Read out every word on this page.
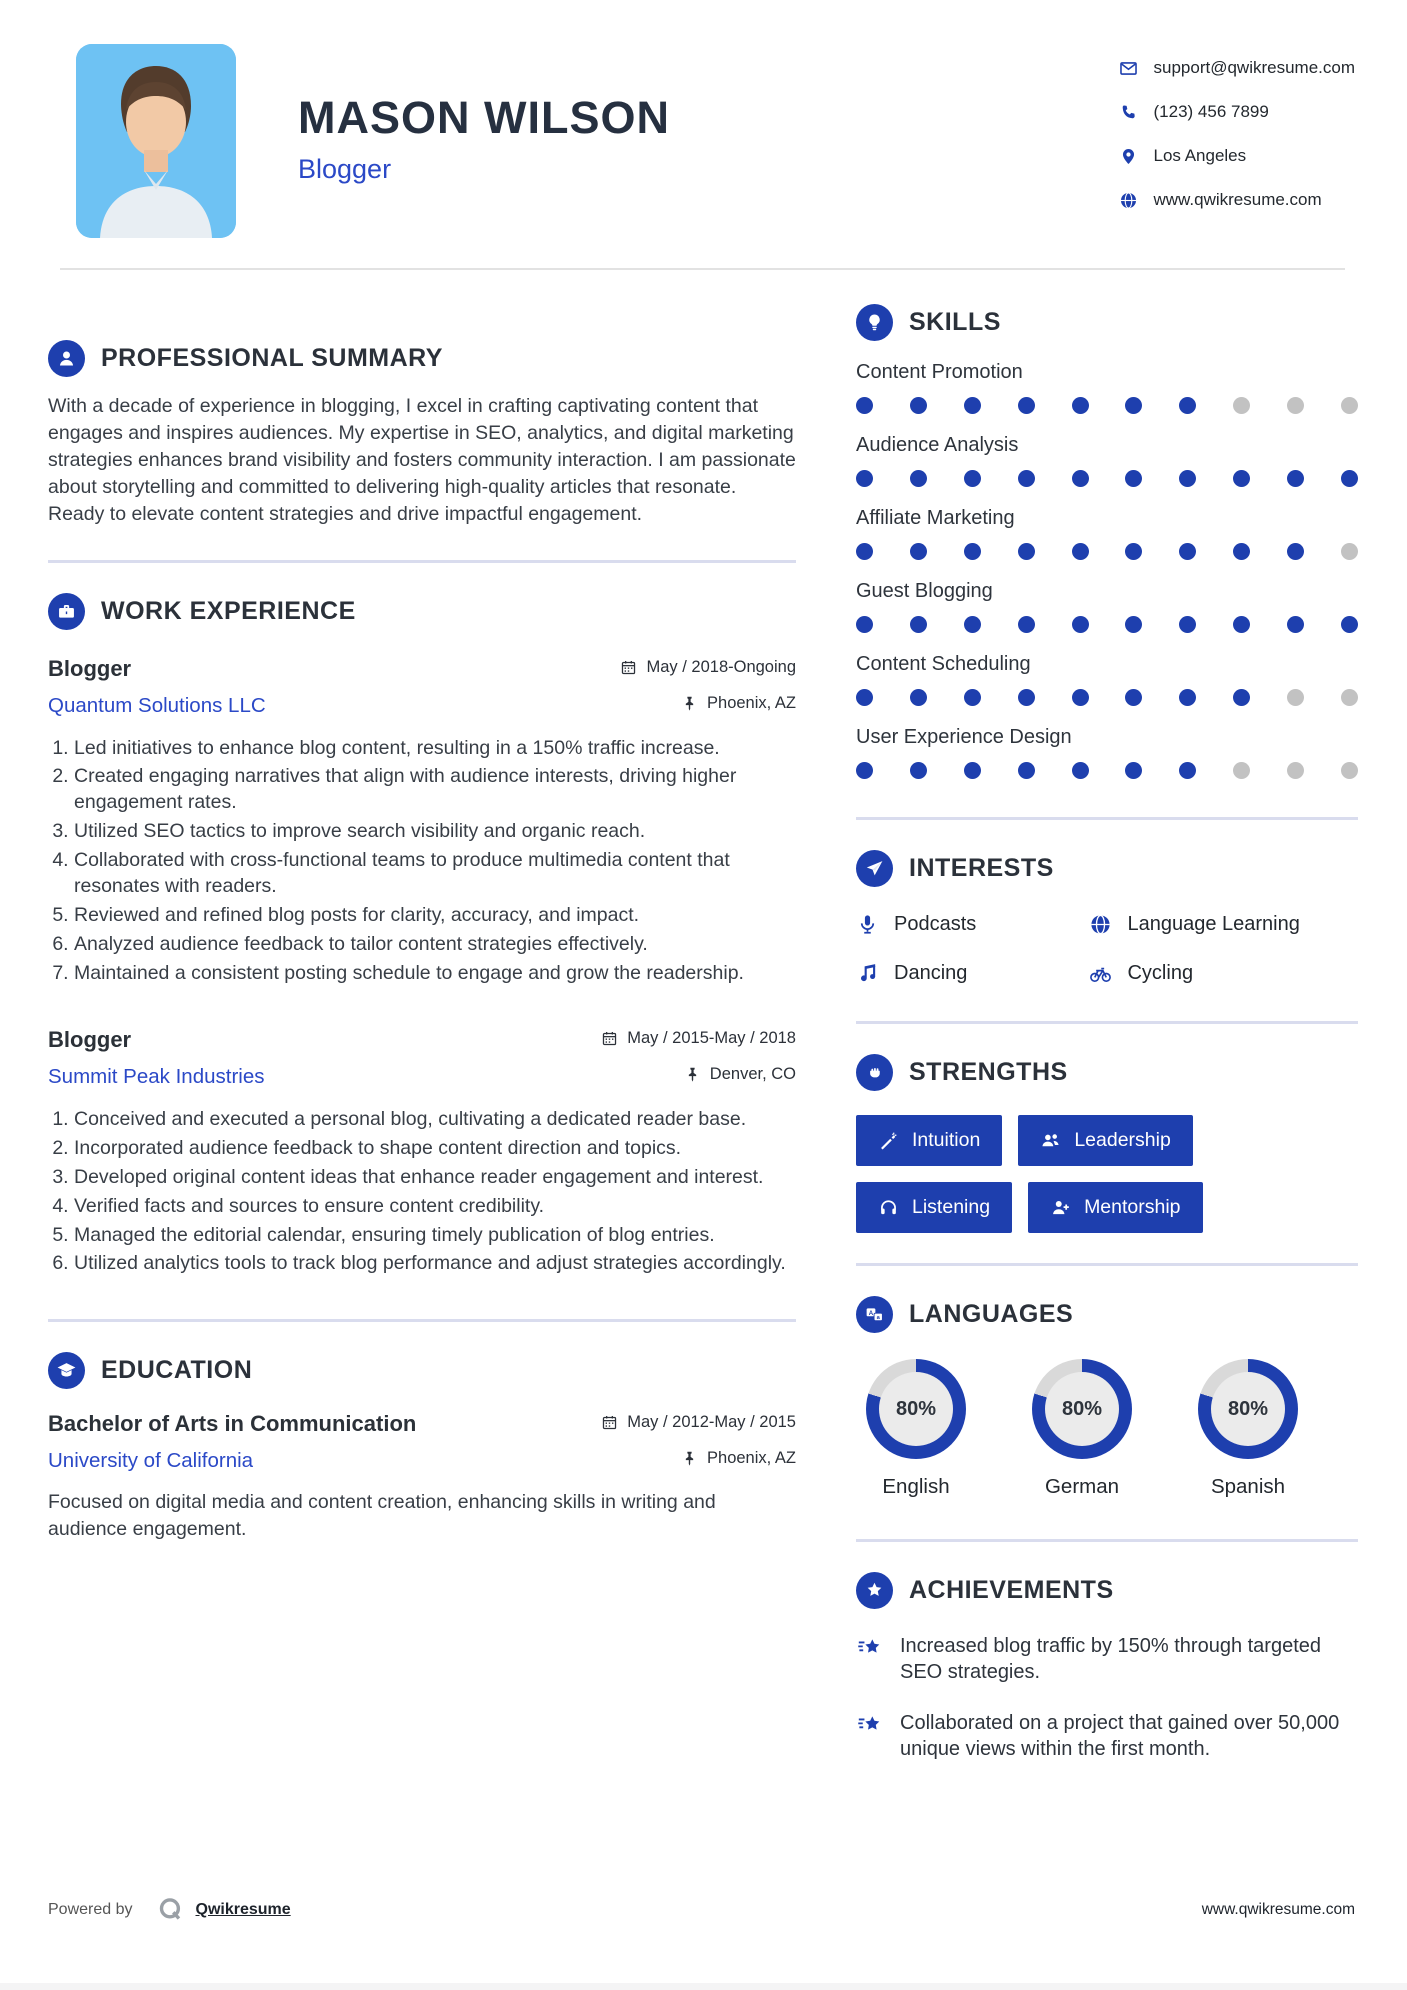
MASON WILSON
Blogger
support@qwikresume.com
(123) 456 7899
Los Angeles
www.qwikresume.com
PROFESSIONAL SUMMARY

With a decade of experience in blogging, I excel in crafting captivating content that engages and inspires audiences. My expertise in SEO, analytics, and digital marketing strategies enhances brand visibility and fosters community interaction. I am passionate about storytelling and committed to delivering high-quality articles that resonate. Ready to elevate content strategies and drive impactful engagement.

WORK EXPERIENCE
Blogger	May / 2018-Ongoing
Quantum Solutions LLC	Phoenix, AZ
1. Led initiatives to enhance blog content, resulting in a 150% traffic increase.
2. Created engaging narratives that align with audience interests, driving higher engagement rates.
3. Utilized SEO tactics to improve search visibility and organic reach.
4. Collaborated with cross-functional teams to produce multimedia content that resonates with readers.
5. Reviewed and refined blog posts for clarity, accuracy, and impact.
6. Analyzed audience feedback to tailor content strategies effectively.
7. Maintained a consistent posting schedule to engage and grow the readership.
Blogger	May / 2015-May / 2018
Summit Peak Industries	Denver, CO
1. Conceived and executed a personal blog, cultivating a dedicated reader base.
2. Incorporated audience feedback to shape content direction and topics.
3. Developed original content ideas that enhance reader engagement and interest.
4. Verified facts and sources to ensure content credibility.
5. Managed the editorial calendar, ensuring timely publication of blog entries.
6. Utilized analytics tools to track blog performance and adjust strategies accordingly.
EDUCATION
Bachelor of Arts in Communication	May / 2012-May / 2015
University of California	Phoenix, AZ

Focused on digital media and content creation, enhancing skills in writing and audience engagement.

SKILLS
Content Promotion
Audience Analysis
Affiliate Marketing
Guest Blogging
Content Scheduling
User Experience Design
INTERESTS
Podcasts	Language Learning
Dancing	Cycling
STRENGTHS
Intuition	Leadership
Listening	Mentorship
A
a LANGUAGES
80 %
English
80 %
German
80 %
Spanish
ACHIEVEMENTS
Increased blog traffic by 150% through targeted SEO strategies.
Collaborated on a project that gained over 50,000 unique views within the first month.
Powered by	Qwikresume	www.qwikresume.com
